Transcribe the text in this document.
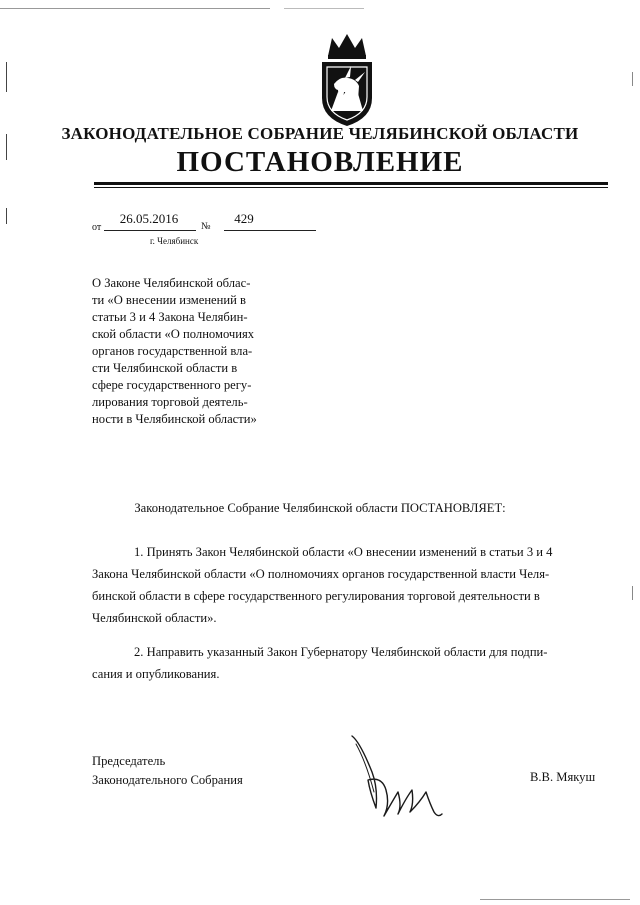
ЗАКОНОДАТЕЛЬНОЕ СОБРАНИЕ ЧЕЛЯБИНСКОЙ ОБЛАСТИ
ПОСТАНОВЛЕНИЕ
от
26.05.2016
№
429
г. Челябинск
О Законе Челябинской облас-
ти «О внесении изменений в
статьи 3 и 4 Закона Челябин-
ской области «О полномочиях
органов государственной вла-
сти Челябинской области в
сфере государственного регу-
лирования торговой деятель-
ности в Челябинской области»
Законодательное Собрание Челябинской области ПОСТАНОВЛЯЕТ:
1. Принять Закон Челябинской области «О внесении изменений в статьи 3 и 4
Закона Челябинской области «О полномочиях органов государственной власти Челя-
бинской области в сфере государственного регулирования торговой деятельности в
Челябинской области».
2. Направить указанный Закон Губернатору Челябинской области для подпи-
сания и опубликования.
Председатель
Законодательного Собрания	В.В. Мякуш
